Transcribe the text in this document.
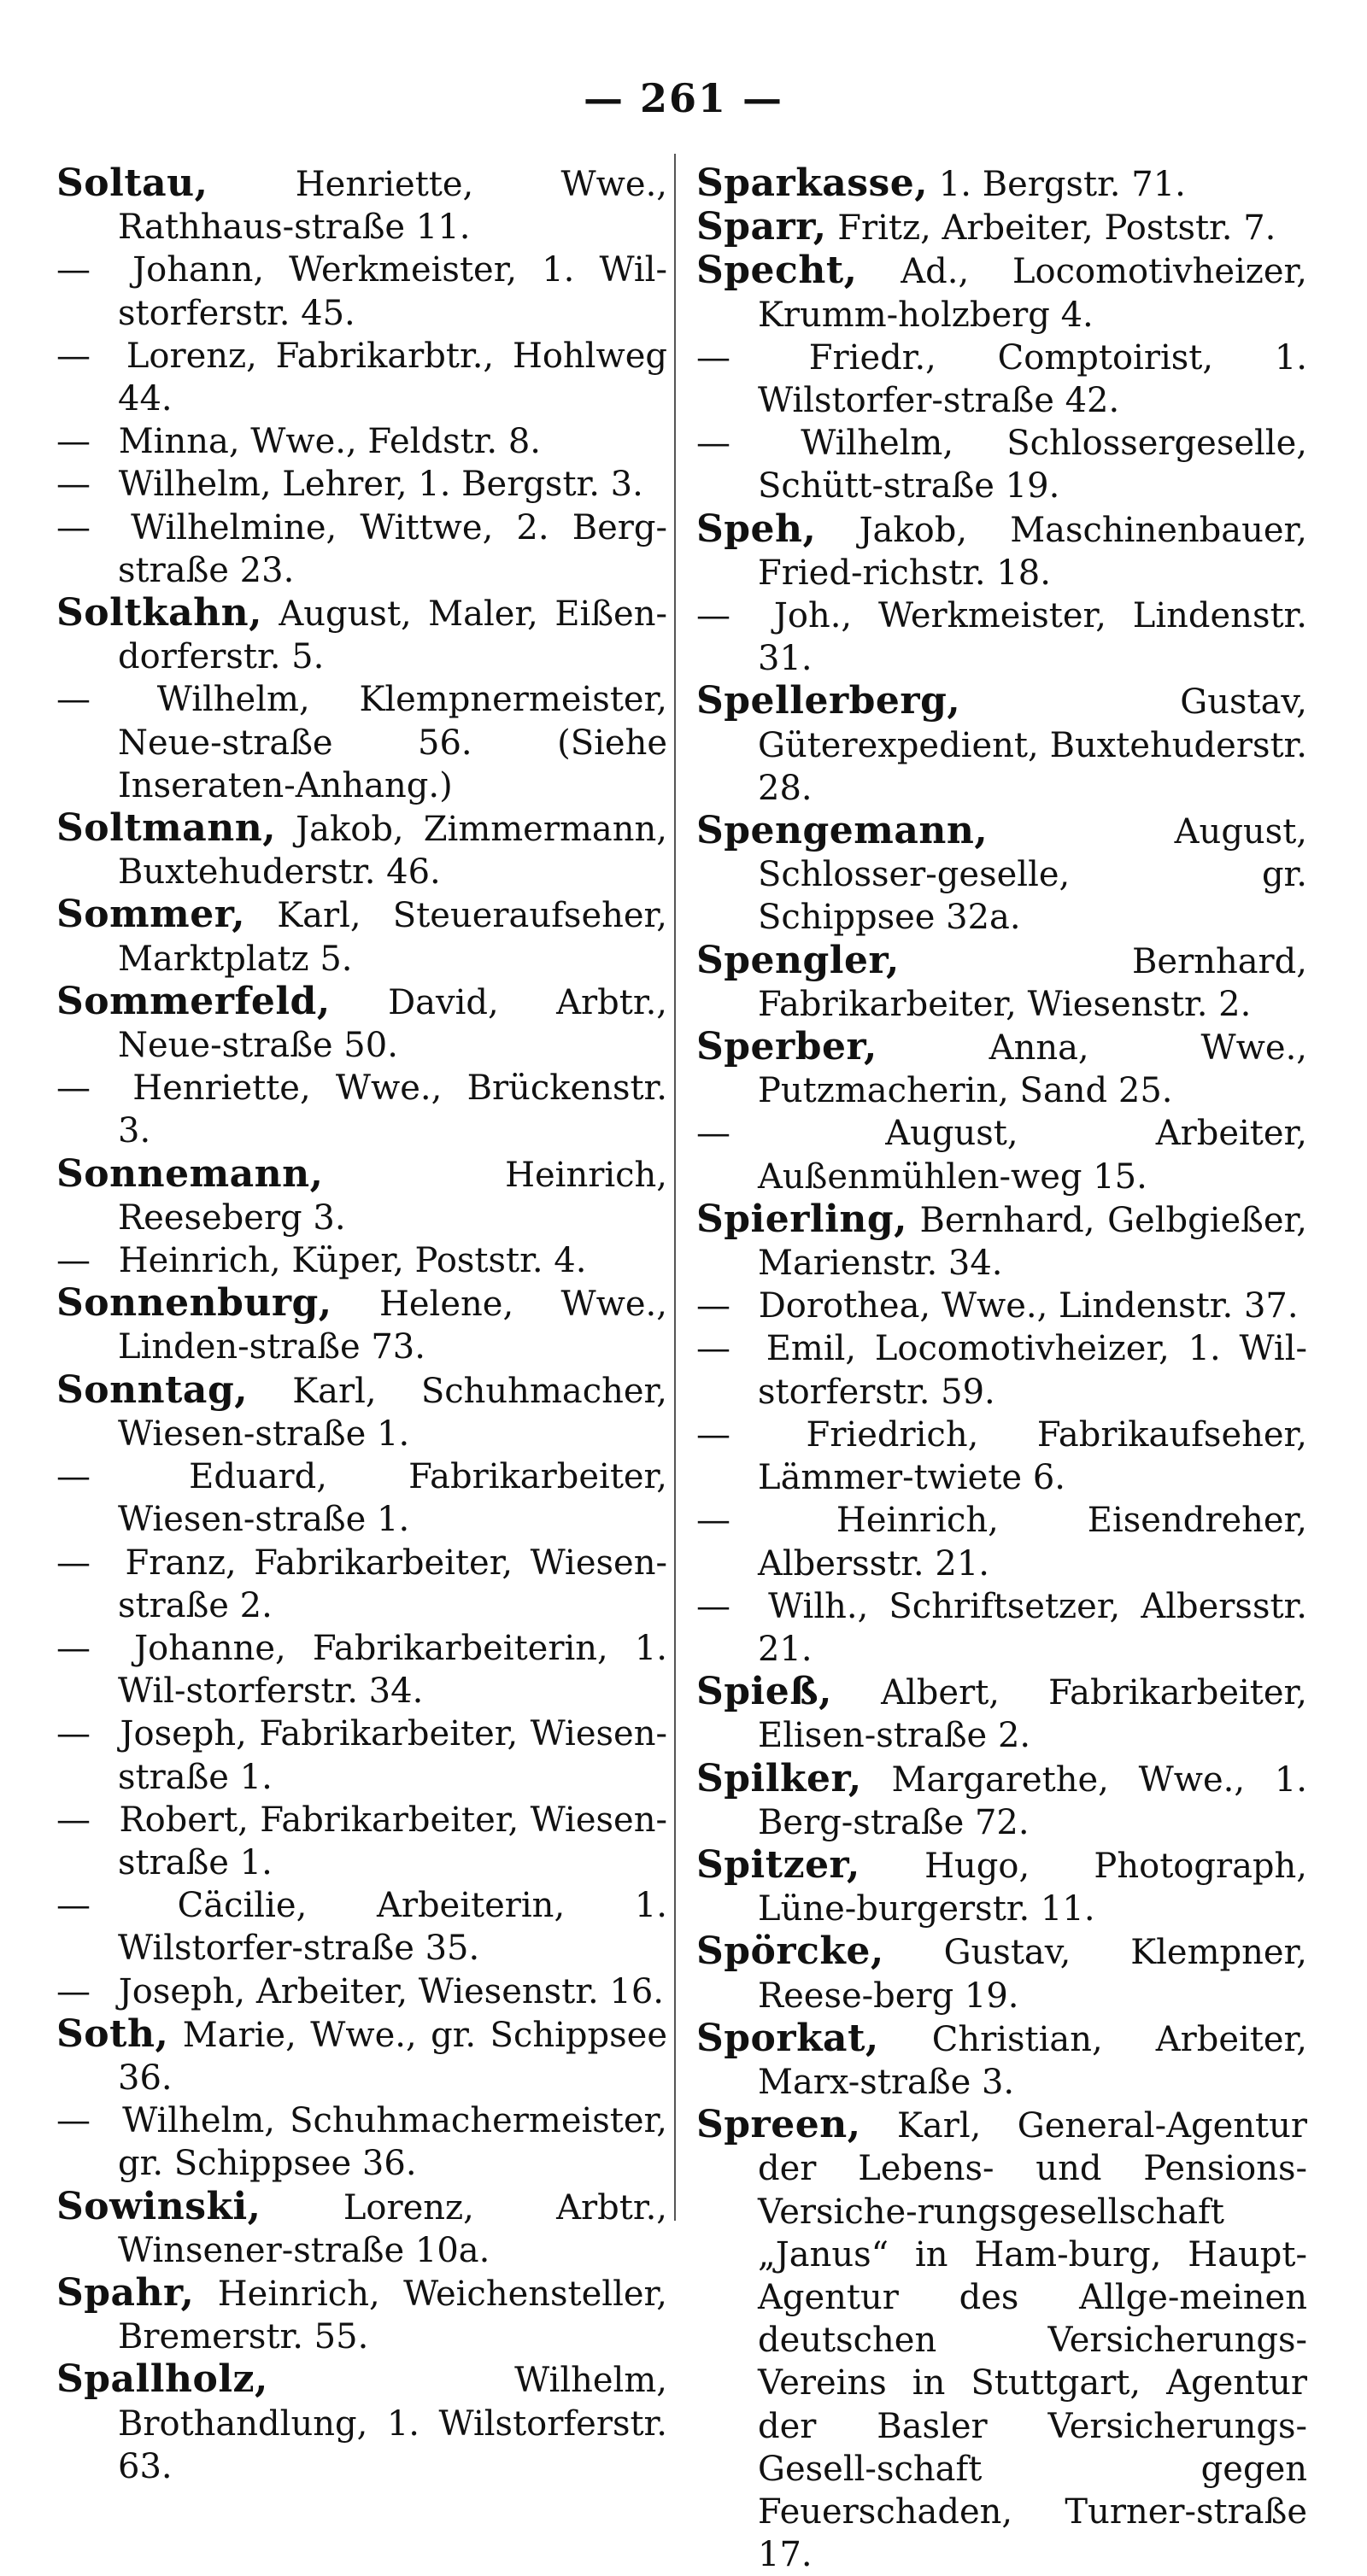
— 261 —

Soltau, Henriette, Wwe., Rathhaus-straße 11.

— Johann, Werkmeister, 1. Wil-storferstr. 45.

— Lorenz, Fabrikarbtr., Hohlweg 44.

— Minna, Wwe., Feldstr. 8.

— Wilhelm, Lehrer, 1. Bergstr. 3.

— Wilhelmine, Wittwe, 2. Berg-straße 23.

Soltkahn, August, Maler, Eißen-dorferstr. 5.

— Wilhelm, Klempnermeister, Neue-straße 56. (Siehe Inseraten-Anhang.)

Soltmann, Jakob, Zimmermann, Buxtehuderstr. 46.

Sommer, Karl, Steueraufseher, Marktplatz 5.

Sommerfeld, David, Arbtr., Neue-straße 50.

— Henriette, Wwe., Brückenstr. 3.

Sonnemann, Heinrich, Reeseberg 3.

— Heinrich, Küper, Poststr. 4.

Sonnenburg, Helene, Wwe., Linden-straße 73.

Sonntag, Karl, Schuhmacher, Wiesen-straße 1.

— Eduard, Fabrikarbeiter, Wiesen-straße 1.

— Franz, Fabrikarbeiter, Wiesen-straße 2.

— Johanne, Fabrikarbeiterin, 1. Wil-storferstr. 34.

— Joseph, Fabrikarbeiter, Wiesen-straße 1.

— Robert, Fabrikarbeiter, Wiesen-straße 1.

— Cäcilie, Arbeiterin, 1. Wilstorfer-straße 35.

— Joseph, Arbeiter, Wiesenstr. 16.

Soth, Marie, Wwe., gr. Schippsee 36.

— Wilhelm, Schuhmachermeister, gr. Schippsee 36.

Sowinski, Lorenz, Arbtr., Winsener-straße 10a.

Spahr, Heinrich, Weichensteller, Bremerstr. 55.

Spallholz, Wilhelm, Brothandlung, 1. Wilstorferstr. 63.

Sparkasse, 1. Bergstr. 71.

Sparr, Fritz, Arbeiter, Poststr. 7.

Specht, Ad., Locomotivheizer, Krumm-holzberg 4.

— Friedr., Comptoirist, 1. Wilstorfer-straße 42.

— Wilhelm, Schlossergeselle, Schütt-straße 19.

Speh, Jakob, Maschinenbauer, Fried-richstr. 18.

— Joh., Werkmeister, Lindenstr. 31.

Spellerberg, Gustav, Güterexpedient, Buxtehuderstr. 28.

Spengemann, August, Schlosser-geselle, gr. Schippsee 32a.

Spengler, Bernhard, Fabrikarbeiter, Wiesenstr. 2.

Sperber, Anna, Wwe., Putzmacherin, Sand 25.

— August, Arbeiter, Außenmühlen-weg 15.

Spierling, Bernhard, Gelbgießer, Marienstr. 34.

— Dorothea, Wwe., Lindenstr. 37.

— Emil, Locomotivheizer, 1. Wil-storferstr. 59.

— Friedrich, Fabrikaufseher, Lämmer-twiete 6.

— Heinrich, Eisendreher, Albersstr. 21.

— Wilh., Schriftsetzer, Albersstr. 21.

Spieß, Albert, Fabrikarbeiter, Elisen-straße 2.

Spilker, Margarethe, Wwe., 1. Berg-straße 72.

Spitzer, Hugo, Photograph, Lüne-burgerstr. 11.

Spörcke, Gustav, Klempner, Reese-berg 19.

Sporkat, Christian, Arbeiter, Marx-straße 3.

Spreen, Karl, General-Agentur der Lebens- und Pensions-Versiche-rungsgesellschaft „Janus“ in Ham-burg, Haupt-Agentur des Allge-meinen deutschen Versicherungs-Vereins in Stuttgart, Agentur der Basler Versicherungs-Gesell-schaft gegen Feuerschaden, Turner-straße 17.
